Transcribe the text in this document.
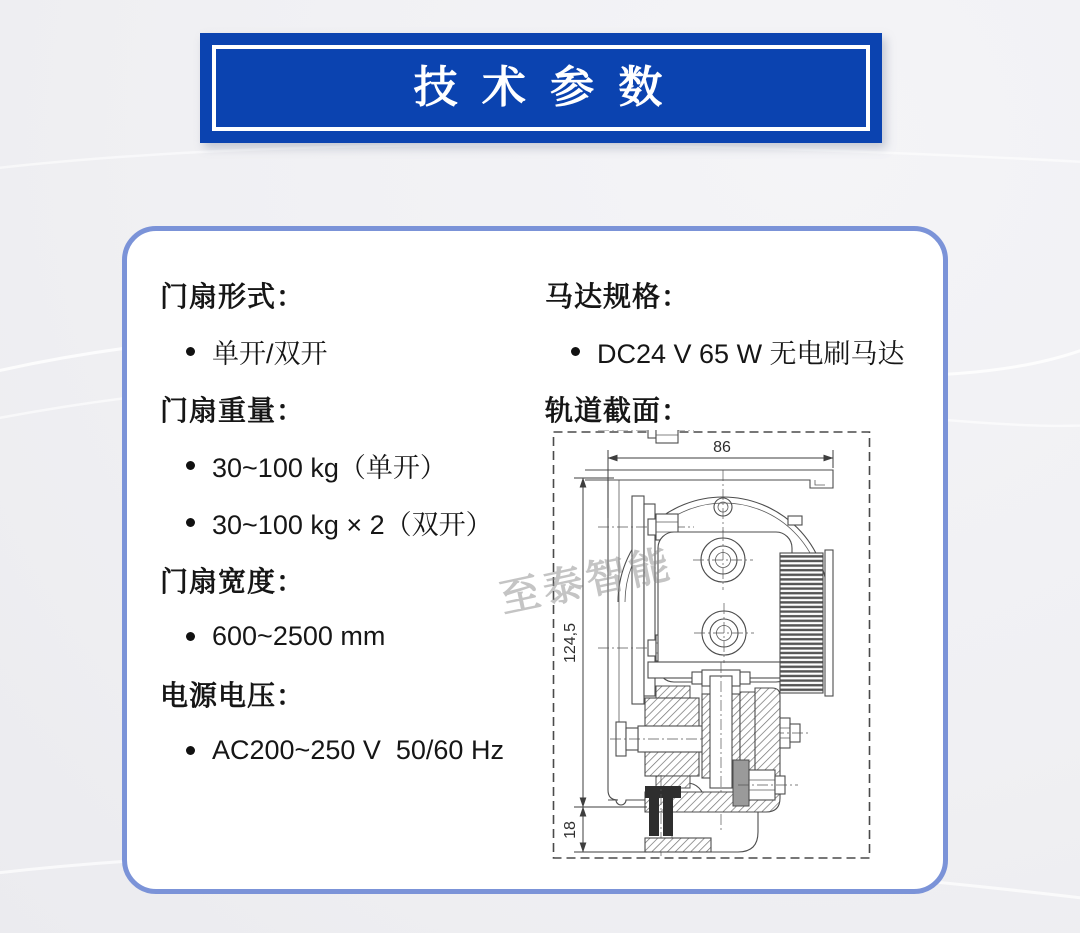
技 术 参 数
门扇形式：
单开/双开
门扇重量：
30~100 kg（单开）
30~100 kg × 2（双开）
门扇宽度：
600~2500 mm
电源电压：
AC200~250 V  50/60 Hz
马达规格：
DC24 V 65 W 无电刷马达
轨道截面：
86
124,5
18
至泰智能
